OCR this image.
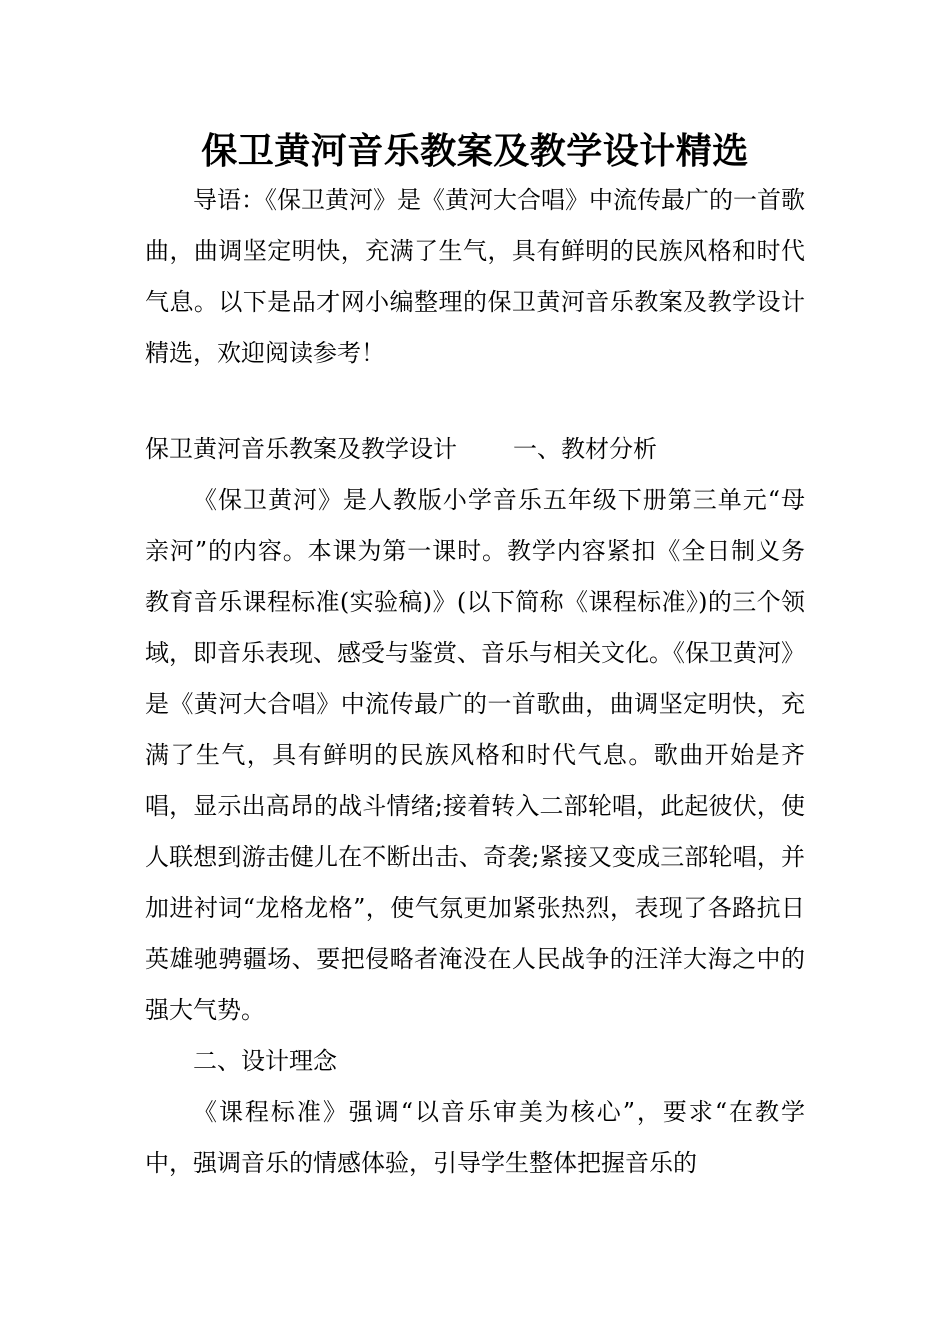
保卫黄河音乐教案及教学设计精选

导语：《保卫黄河》是《黄河大合唱》中流传最广的一首歌曲，曲调坚定明快，充满了生气，具有鲜明的民族风格和时代气息。以下是品才网小编整理的保卫黄河音乐教案及教学设计精选，欢迎阅读参考！

保卫黄河音乐教案及教学设计 一、教材分析

《保卫黄河》是人教版小学音乐五年级下册第三单元“母亲河”的内容。本课为第一课时。教学内容紧扣《全日制义务教育音乐课程标准(实验稿)》(以下简称《课程标准》)的三个领域，即音乐表现、感受与鉴赏、音乐与相关文化。《保卫黄河》是《黄河大合唱》中流传最广的一首歌曲，曲调坚定明快，充满了生气，具有鲜明的民族风格和时代气息。歌曲开始是齐唱，显示出高昂的战斗情绪;接着转入二部轮唱，此起彼伏，使人联想到游击健儿在不断出击、奇袭;紧接又变成三部轮唱，并加进衬词“龙格龙格”，使气氛更加紧张热烈，表现了各路抗日英雄驰骋疆场、要把侵略者淹没在人民战争的汪洋大海之中的强大气势。

二、设计理念

《课程标准》强调“以音乐审美为核心”，要求“在教学中，强调音乐的情感体验，引导学生整体把握音乐的
